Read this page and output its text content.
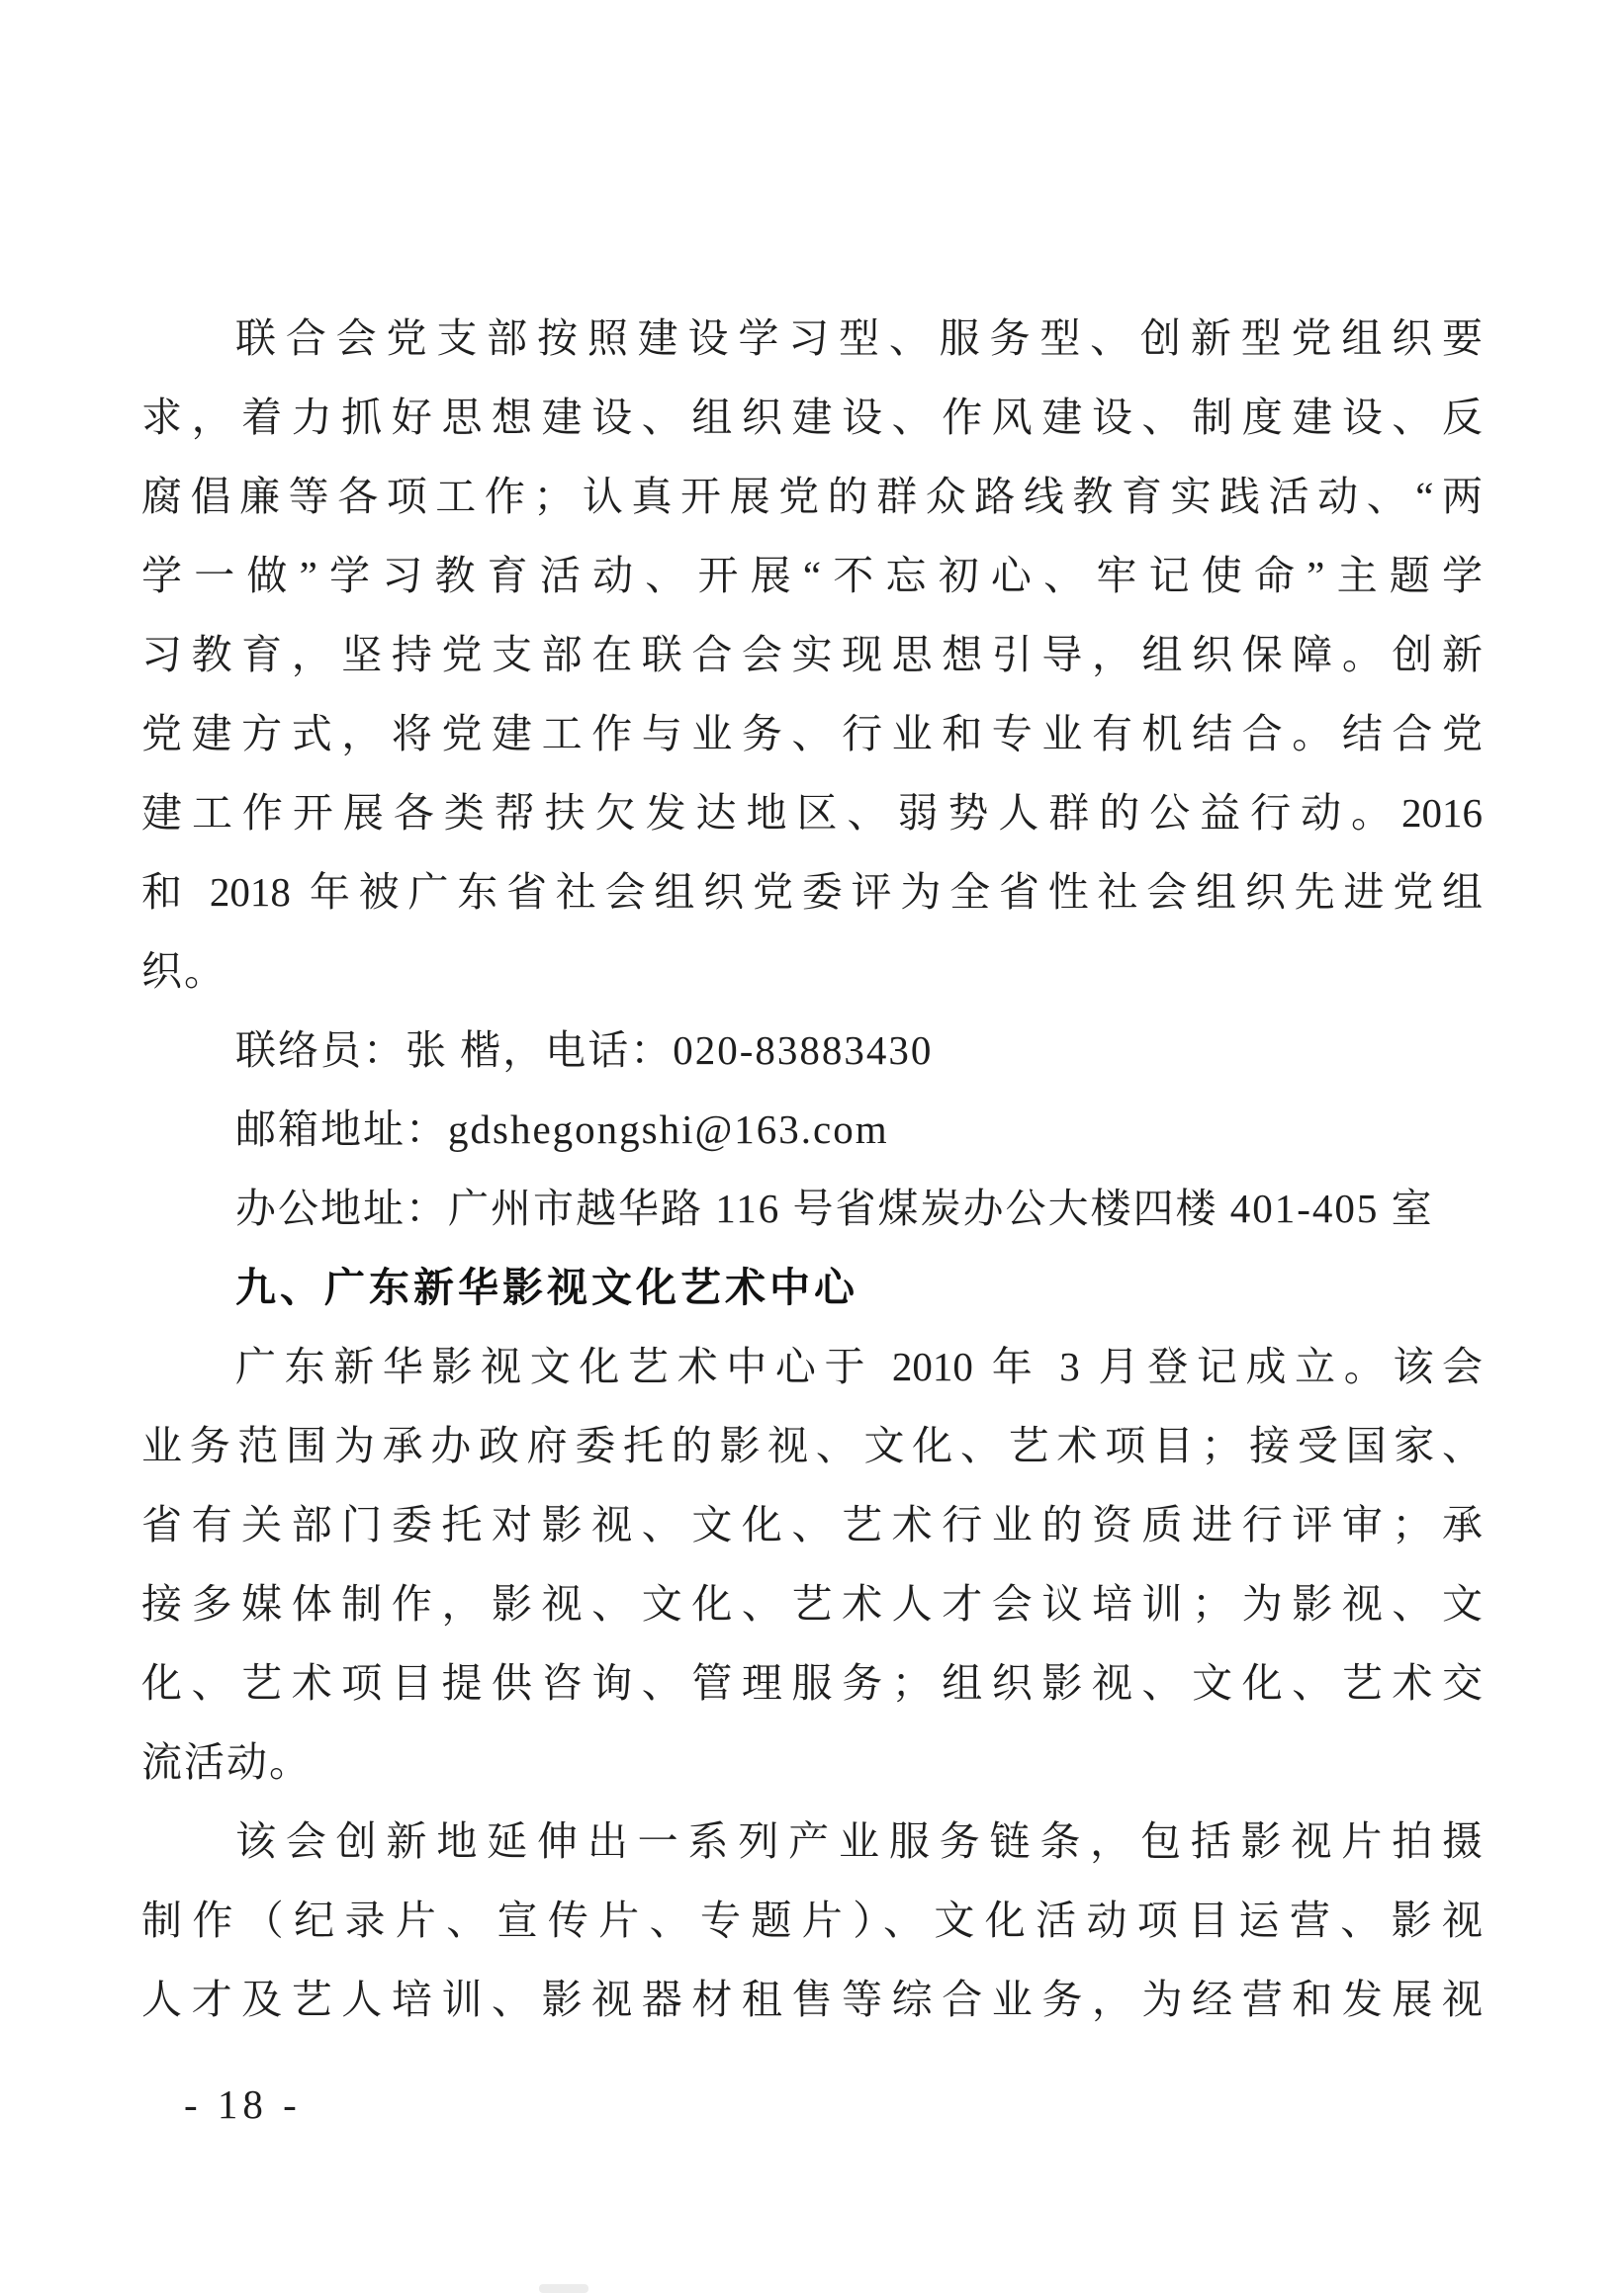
联合会党支部按照建设学习型、服务型、创新型党组织要
求，着力抓好思想建设、组织建设、作风建设、制度建设、反
腐倡廉等各项工作；认真开展党的群众路线教育实践活动、“两
学一做”学习教育活动、开展“不忘初心、牢记使命”主题学
习教育，坚持党支部在联合会实现思想引导，组织保障。创新
党建方式，将党建工作与业务、行业和专业有机结合。结合党
建工作开展各类帮扶欠发达地区、弱势人群的公益行动。2016
和 2018 年被广东省社会组织党委评为全省性社会组织先进党组
织。
联络员：张 楷，电话：020-83883430
邮箱地址：gdshegongshi@163.com
办公地址：广州市越华路 116 号省煤炭办公大楼四楼 401-405 室
九、广东新华影视文化艺术中心
广东新华影视文化艺术中心于 2010 年 3 月登记成立。该会
业务范围为承办政府委托的影视、文化、艺术项目；接受国家、
省有关部门委托对影视、文化、艺术行业的资质进行评审；承
接多媒体制作，影视、文化、艺术人才会议培训；为影视、文
化、艺术项目提供咨询、管理服务；组织影视、文化、艺术交
流活动。
该会创新地延伸出一系列产业服务链条，包括影视片拍摄
制作（纪录片、宣传片、专题片）、文化活动项目运营、影视
人才及艺人培训、影视器材租售等综合业务，为经营和发展视
- 18 -
